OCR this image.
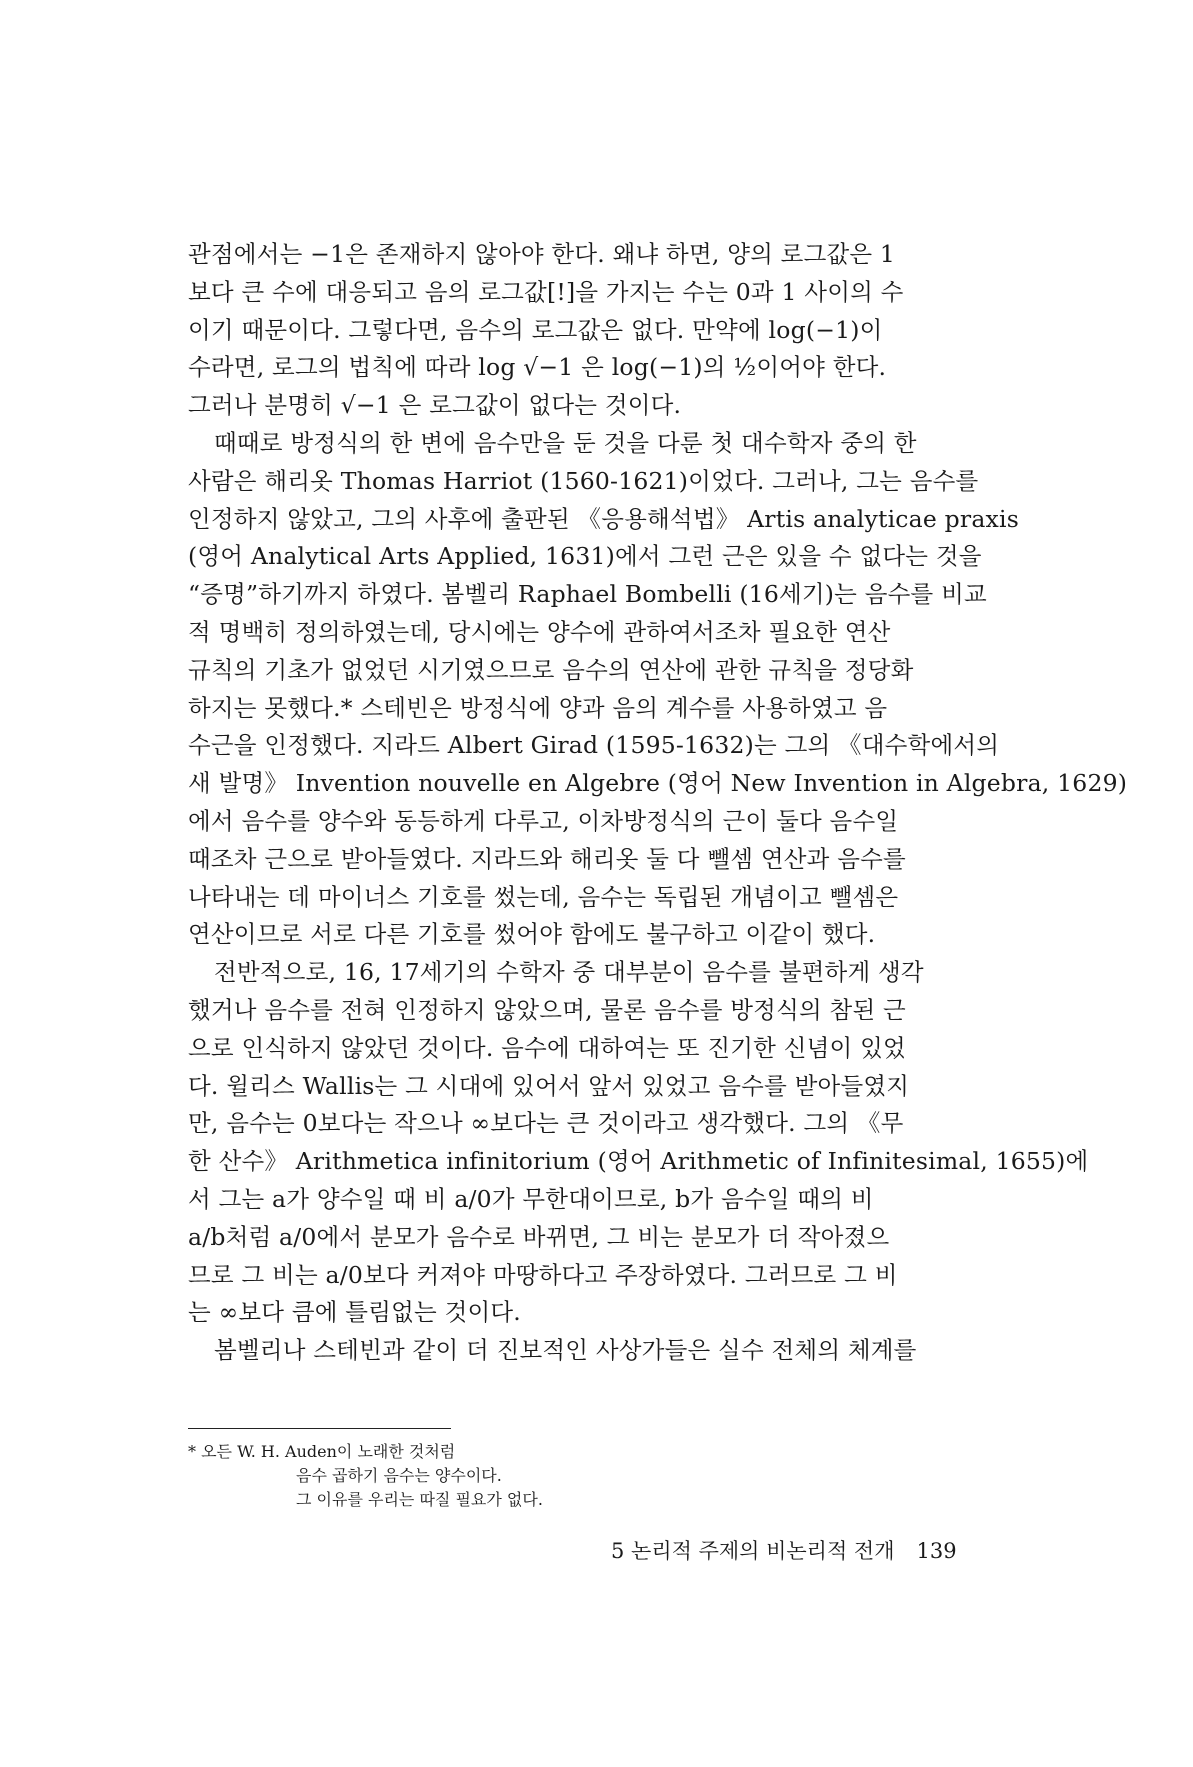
관점에서는 −1은 존재하지 않아야 한다. 왜냐 하면, 양의 로그값은 1
보다 큰 수에 대응되고 음의 로그값[!]을 가지는 수는 0과 1 사이의 수
이기 때문이다. 그렇다면, 음수의 로그값은 없다. 만약에 log(−1)이
수라면, 로그의 법칙에 따라 log √−1 은 log(−1)의 ½이어야 한다.
그러나 분명히 √−1 은 로그값이 없다는 것이다.
때때로 방정식의 한 변에 음수만을 둔 것을 다룬 첫 대수학자 중의 한
사람은 해리옷 Thomas Harriot (1560-1621)이었다. 그러나, 그는 음수를
인정하지 않았고, 그의 사후에 출판된 《응용해석법》 Artis analyticae praxis
(영어 Analytical Arts Applied, 1631)에서 그런 근은 있을 수 없다는 것을
“증명”하기까지 하였다. 봄벨리 Raphael Bombelli (16세기)는 음수를 비교
적 명백히 정의하였는데, 당시에는 양수에 관하여서조차 필요한 연산
규칙의 기초가 없었던 시기였으므로 음수의 연산에 관한 규칙을 정당화
하지는 못했다.* 스테빈은 방정식에 양과 음의 계수를 사용하였고 음
수근을 인정했다. 지라드 Albert Girad (1595-1632)는 그의 《대수학에서의
새 발명》 Invention nouvelle en Algebre (영어 New Invention in Algebra, 1629)
에서 음수를 양수와 동등하게 다루고, 이차방정식의 근이 둘다 음수일
때조차 근으로 받아들였다. 지라드와 해리옷 둘 다 뺄셈 연산과 음수를
나타내는 데 마이너스 기호를 썼는데, 음수는 독립된 개념이고 뺄셈은
연산이므로 서로 다른 기호를 썼어야 함에도 불구하고 이같이 했다.
전반적으로, 16, 17세기의 수학자 중 대부분이 음수를 불편하게 생각
했거나 음수를 전혀 인정하지 않았으며, 물론 음수를 방정식의 참된 근
으로 인식하지 않았던 것이다. 음수에 대하여는 또 진기한 신념이 있었
다. 윌리스 Wallis는 그 시대에 있어서 앞서 있었고 음수를 받아들였지
만, 음수는 0보다는 작으나 ∞보다는 큰 것이라고 생각했다. 그의 《무
한 산수》 Arithmetica infinitorium (영어 Arithmetic of Infinitesimal, 1655)에
서 그는 a가 양수일 때 비 a/0가 무한대이므로, b가 음수일 때의 비
a/b처럼 a/0에서 분모가 음수로 바뀌면, 그 비는 분모가 더 작아졌으
므로 그 비는 a/0보다 커져야 마땅하다고 주장하였다. 그러므로 그 비
는 ∞보다 큼에 틀림없는 것이다.
봄벨리나 스테빈과 같이 더 진보적인 사상가들은 실수 전체의 체계를
* 오든 W. H. Auden이 노래한 것처럼
음수 곱하기 음수는 양수이다.
그 이유를 우리는 따질 필요가 없다.
5 논리적 주제의 비논리적 전개 139
